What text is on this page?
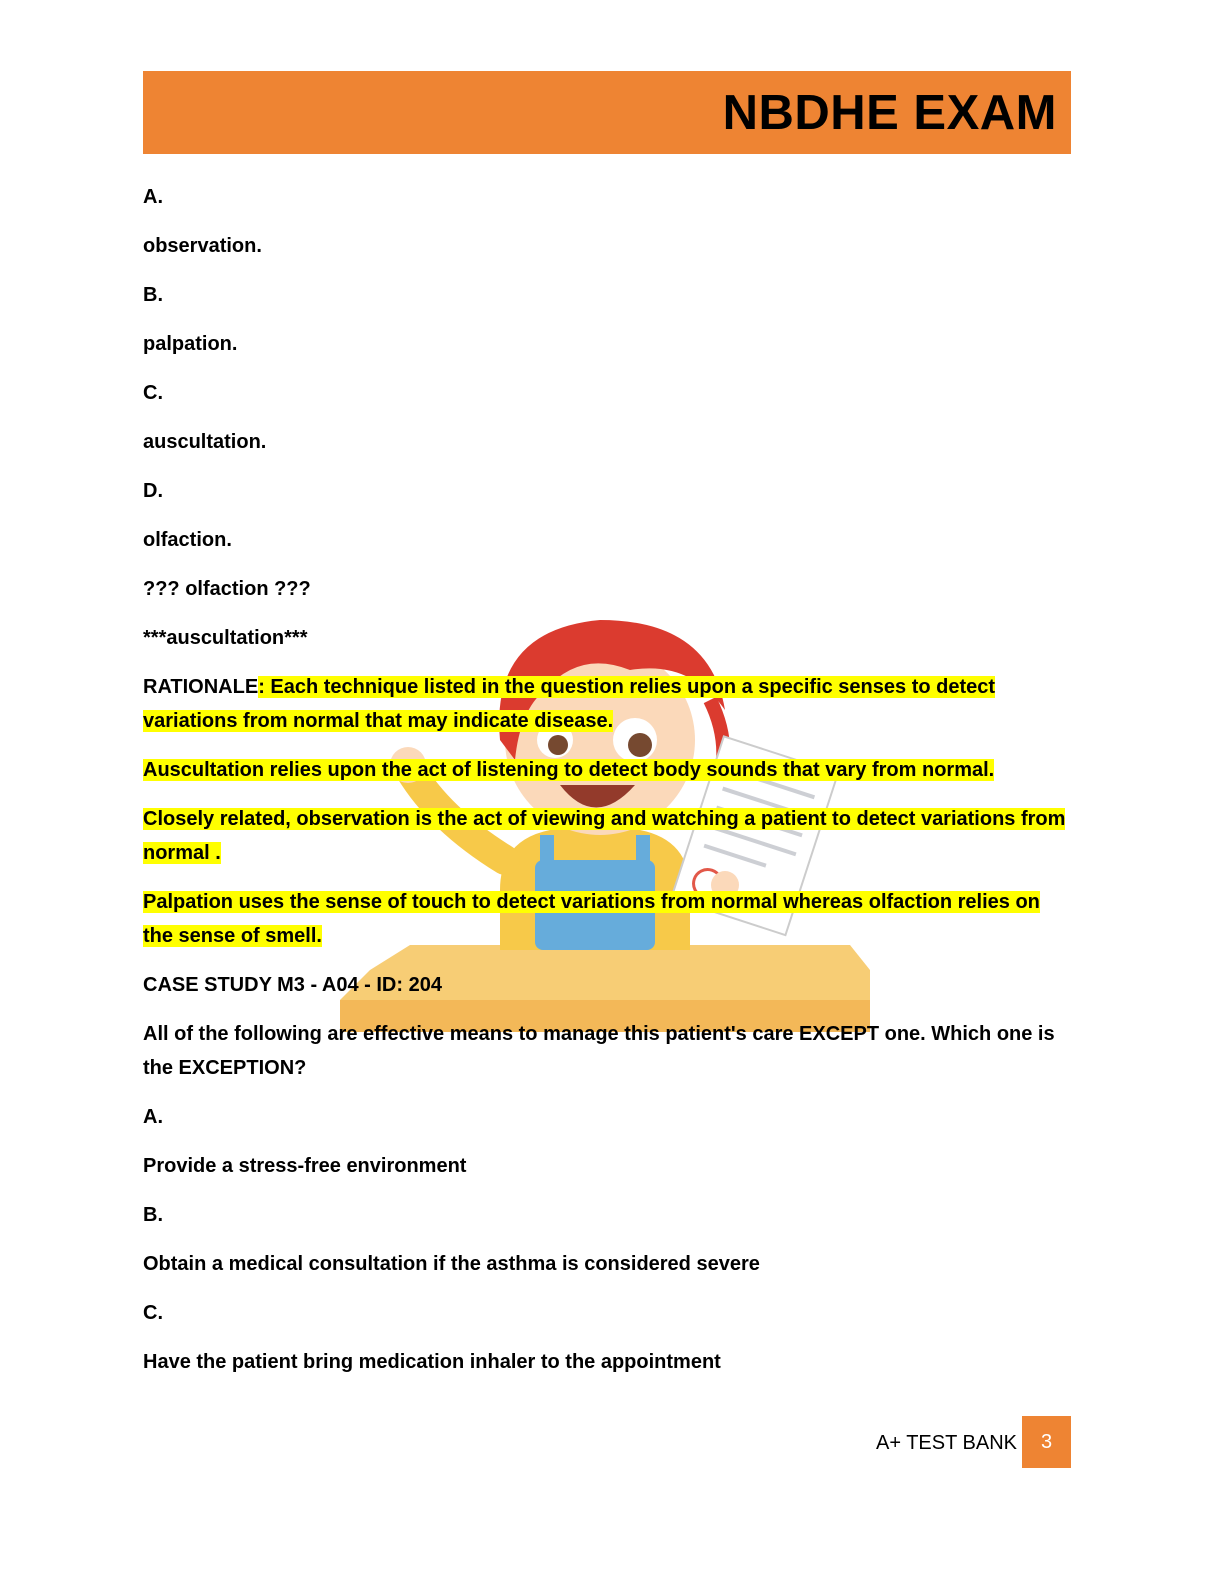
NBDHE EXAM
A.
observation.
B.
palpation.
C.
auscultation.
D.
olfaction.
??? olfaction ???
***auscultation***
RATIONALE: Each technique listed in the question relies upon a specific senses to detect variations from normal that may indicate disease.
Auscultation relies upon the act of listening to detect body sounds that vary from normal.
Closely related, observation is the act of viewing and watching a patient to detect variations from normal .
Palpation uses the sense of touch to detect variations from normal whereas olfaction relies on the sense of smell.
CASE STUDY M3 - A04 - ID: 204
All of the following are effective means to manage this patient's care EXCEPT one. Which one is the EXCEPTION?
A.
Provide a stress-free environment
B.
Obtain a medical consultation if the asthma is considered severe
C.
Have the patient bring medication inhaler to the appointment
A+ TEST BANK	3
